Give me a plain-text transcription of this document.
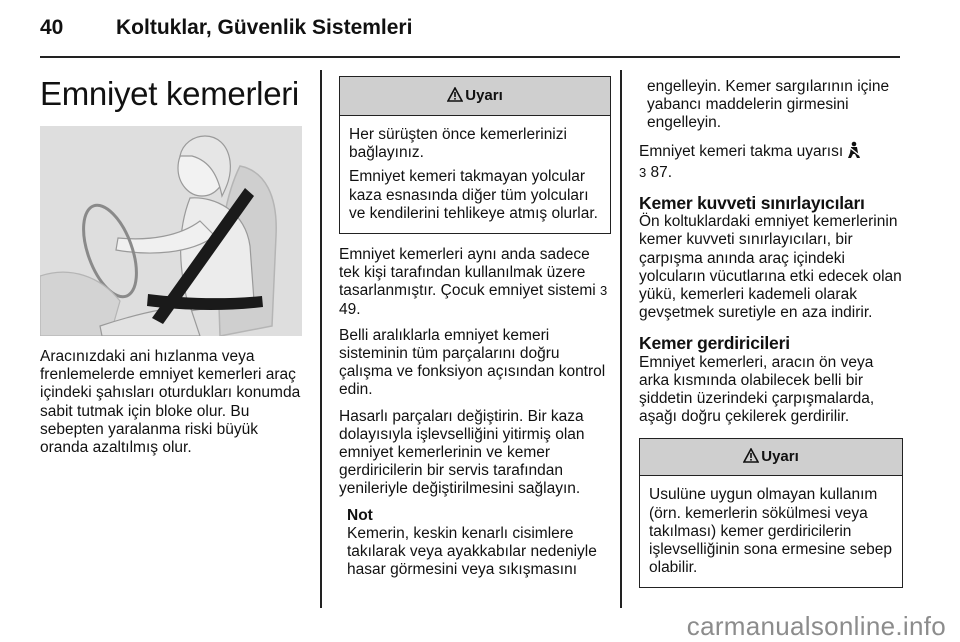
40	Koltuklar, Güvenlik Sistemleri
Emniyet kemerleri

Aracınızdaki ani hızlanma veya frenlemelerde emniyet kemerleri araç içindeki şahısları oturdukları konumda sabit tutmak için bloke olur. Bu sebepten yaralanma riski büyük oranda azaltılmış olur.

Uyarı

Her sürüşten önce kemerlerinizi bağlayınız.

Emniyet kemeri takmayan yolcular kaza esnasında diğer tüm yolcuları ve kendilerini tehlikeye atmış olurlar.

Emniyet kemerleri aynı anda sadece tek kişi tarafından kullanılmak üzere tasarlanmıştır. Çocuk emniyet sistemi 3 49.

Belli aralıklarla emniyet kemeri sisteminin tüm parçalarını doğru çalışma ve fonksiyon açısından kontrol edin.

Hasarlı parçaları değiştirin. Bir kaza dolayısıyla işlevselliğini yitirmiş olan emniyet kemerlerinin ve kemer gerdiricilerin bir servis tarafından yenileriyle değiştirilmesini sağlayın.

Not
Kemerin, keskin kenarlı cisimlere takılarak veya ayakkabılar nedeniyle hasar görmesini veya sıkışmasını
engelleyin. Kemer sargılarının içine yabancı maddelerin girmesini engelleyin.

Emniyet kemeri takma uyarısı
3 87.

Kemer kuvveti sınırlayıcıları

Ön koltuklardaki emniyet kemerlerinin kemer kuvveti sınırlayıcıları, bir çarpışma anında araç içindeki yolcuların vücutlarına etki edecek olan yükü, kemerleri kademeli olarak gevşetmek suretiyle en aza indirir.

Kemer gerdiricileri

Emniyet kemerleri, aracın ön veya arka kısmında olabilecek belli bir şiddetin üzerindeki çarpışmalarda, aşağı doğru çekilerek gerdirilir.

Uyarı

Usulüne uygun olmayan kullanım (örn. kemerlerin sökülmesi veya takılması) kemer gerdiricilerin işlevselliğinin sona ermesine sebep olabilir.

carmanualsonline.info
